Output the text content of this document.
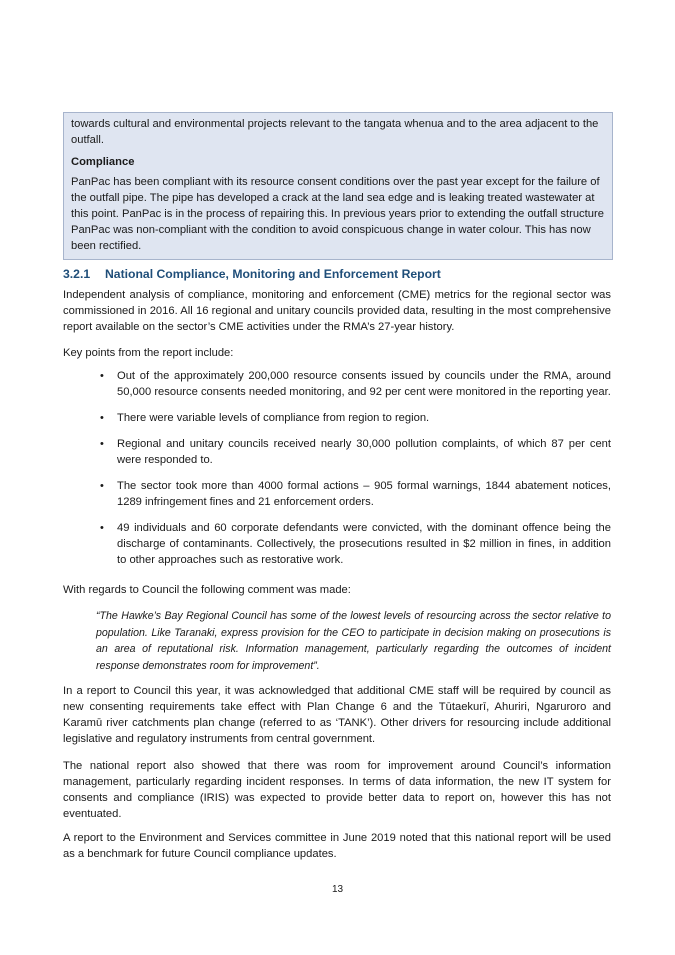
towards cultural and environmental projects relevant to the tangata whenua and to the area adjacent to the outfall.

Compliance

PanPac has been compliant with its resource consent conditions over the past year except for the failure of the outfall pipe. The pipe has developed a crack at the land sea edge and is leaking treated wastewater at this point. PanPac is in the process of repairing this. In previous years prior to extending the outfall structure PanPac was non-compliant with the condition to avoid conspicuous change in water colour. This has now been rectified.

3.2.1 National Compliance, Monitoring and Enforcement Report

Independent analysis of compliance, monitoring and enforcement (CME) metrics for the regional sector was commissioned in 2016. All 16 regional and unitary councils provided data, resulting in the most comprehensive report available on the sector’s CME activities under the RMA’s 27-year history.

Key points from the report include:

• Out of the approximately 200,000 resource consents issued by councils under the RMA, around 50,000 resource consents needed monitoring, and 92 per cent were monitored in the reporting year.
• There were variable levels of compliance from region to region.
• Regional and unitary councils received nearly 30,000 pollution complaints, of which 87 per cent were responded to.
• The sector took more than 4000 formal actions – 905 formal warnings, 1844 abatement notices, 1289 infringement fines and 21 enforcement orders.
• 49 individuals and 60 corporate defendants were convicted, with the dominant offence being the discharge of contaminants. Collectively, the prosecutions resulted in $2 million in fines, in addition to other approaches such as restorative work.

With regards to Council the following comment was made:

“The Hawke’s Bay Regional Council has some of the lowest levels of resourcing across the sector relative to population. Like Taranaki, express provision for the CEO to participate in decision making on prosecutions is an area of reputational risk. Information management, particularly regarding the outcomes of incident response demonstrates room for improvement”.

In a report to Council this year, it was acknowledged that additional CME staff will be required by council as new consenting requirements take effect with Plan Change 6 and the Tūtaekurī, Ahuriri, Ngaruroro and Karamū river catchments plan change (referred to as ‘TANK’). Other drivers for resourcing include additional legislative and regulatory instruments from central government.

The national report also showed that there was room for improvement around Council’s information management, particularly regarding incident responses. In terms of data information, the new IT system for consents and compliance (IRIS) was expected to provide better data to report on, however this has not eventuated.

A report to the Environment and Services committee in June 2019 noted that this national report will be used as a benchmark for future Council compliance updates.

13
